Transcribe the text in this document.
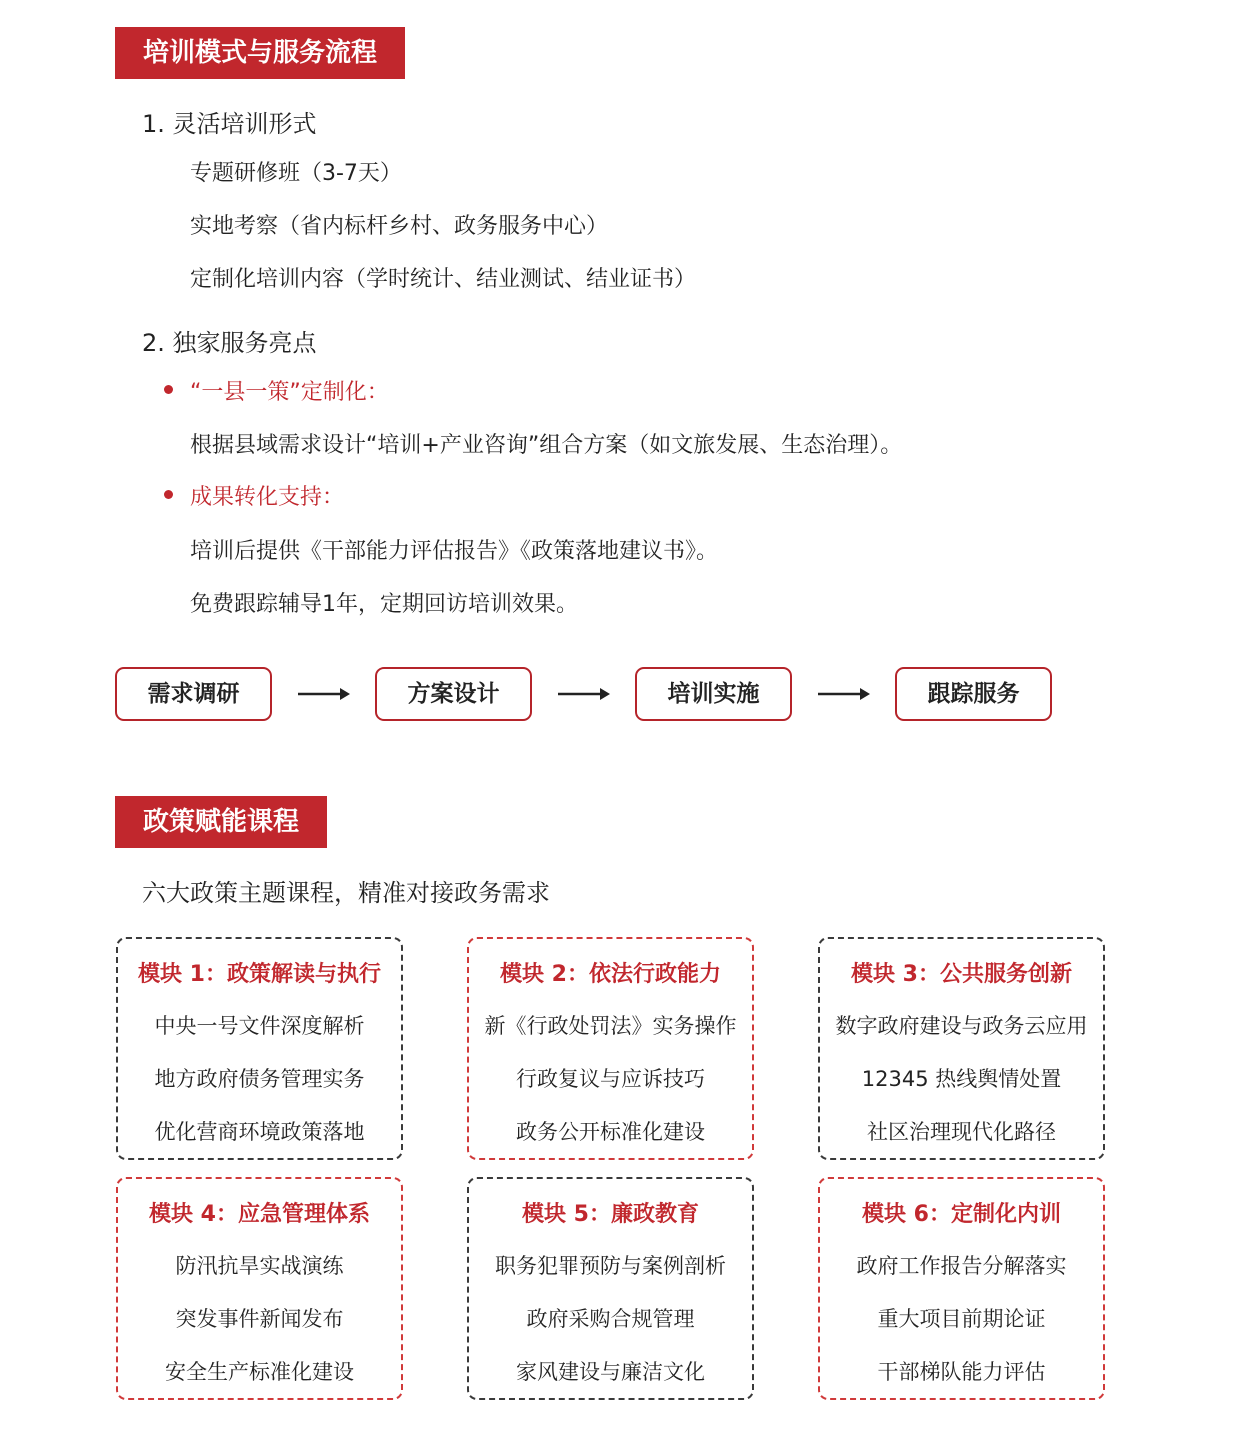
培训模式与服务流程
1. 灵活培训形式
专题研修班（3-7天）
实地考察（省内标杆乡村、政务服务中心）
定制化培训内容（学时统计、结业测试、结业证书）
2. 独家服务亮点
“一县一策”定制化：
根据县域需求设计“培训+产业咨询”组合方案（如文旅发展、生态治理）。
成果转化支持：
培训后提供《干部能力评估报告》《政策落地建议书》。
免费跟踪辅导1年，定期回访培训效果。
需求调研	方案设计	培训实施	跟踪服务
政策赋能课程
六大政策主题课程，精准对接政务需求
模块 1：政策解读与执行
中央一号文件深度解析
地方政府债务管理实务
优化营商环境政策落地
模块 2：依法行政能力
新《行政处罚法》实务操作
行政复议与应诉技巧
政务公开标准化建设
模块 3：公共服务创新
数字政府建设与政务云应用
12345 热线舆情处置
社区治理现代化路径
模块 4：应急管理体系
防汛抗旱实战演练
突发事件新闻发布
安全生产标准化建设
模块 5：廉政教育
职务犯罪预防与案例剖析
政府采购合规管理
家风建设与廉洁文化
模块 6：定制化内训
政府工作报告分解落实
重大项目前期论证
干部梯队能力评估
